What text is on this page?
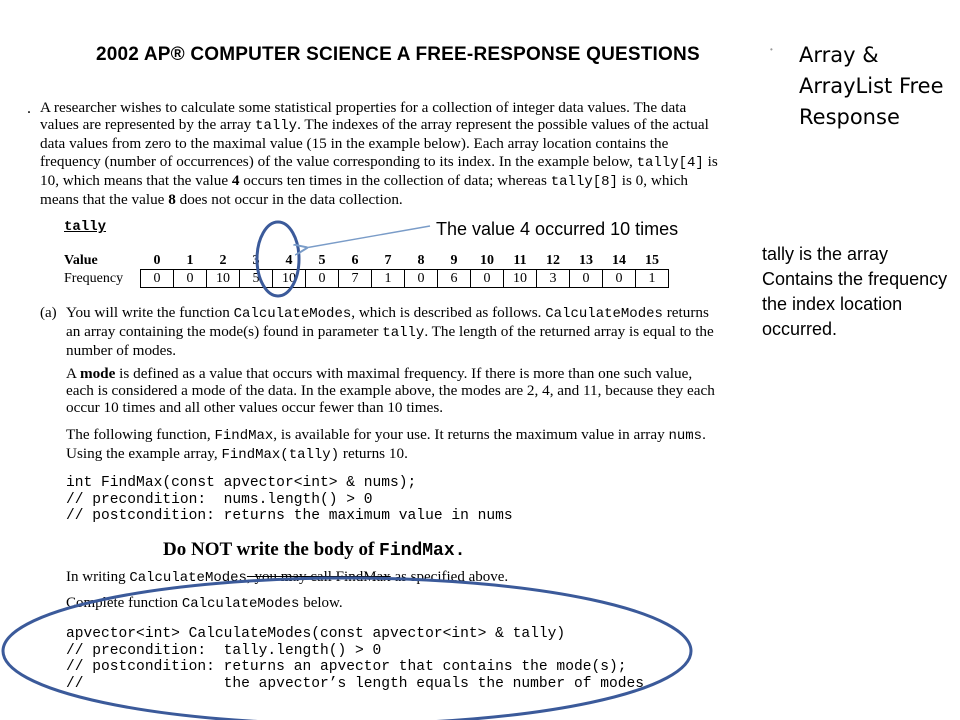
2002 AP® COMPUTER SCIENCE A FREE-RESPONSE QUESTIONS
. A researcher wishes to calculate some statistical properties for a collection of integer data values. The data values are represented by the array tally. The indexes of the array represent the possible values of the actual data values from zero to the maximal value (15 in the example below). Each array location contains the frequency (number of occurrences) of the value corresponding to its index. In the example below, tally[4] is 10, which means that the value 4 occurs ten times in the collection of data; whereas tally[8] is 0, which means that the value 8 does not occur in the data collection.
tally
Value	0	1	2	3	4	5	6	7	8	9	10	11	12	13	14	15
Frequency	0	0	10	5	10	0	7	1	0	6	0	10	3	0	0	1
(a) You will write the function CalculateModes, which is described as follows. CalculateModes returns an array containing the mode(s) found in parameter tally. The length of the returned array is equal to the number of modes.
A mode is defined as a value that occurs with maximal frequency. If there is more than one such value, each is considered a mode of the data. In the example above, the modes are 2, 4, and 11, because they each occur 10 times and all other values occur fewer than 10 times.
The following function, FindMax, is available for your use. It returns the maximum value in array nums. Using the example array, FindMax(tally) returns 10.
int FindMax(const apvector<int> & nums);
// precondition:  nums.length() > 0
// postcondition: returns the maximum value in nums
Do NOT write the body of FindMax.
In writing CalculateModes, you may call FindMax as specified above.
Complete function CalculateModes below.
apvector<int> CalculateModes(const apvector<int> & tally)
// precondition:  tally.length() > 0
// postcondition: returns an apvector that contains the mode(s);
//                the apvector’s length equals the number of modes
• Array & ArrayList Free Response
The value 4 occurred 10 times
tally is the array Contains the frequency the index location occurred.
